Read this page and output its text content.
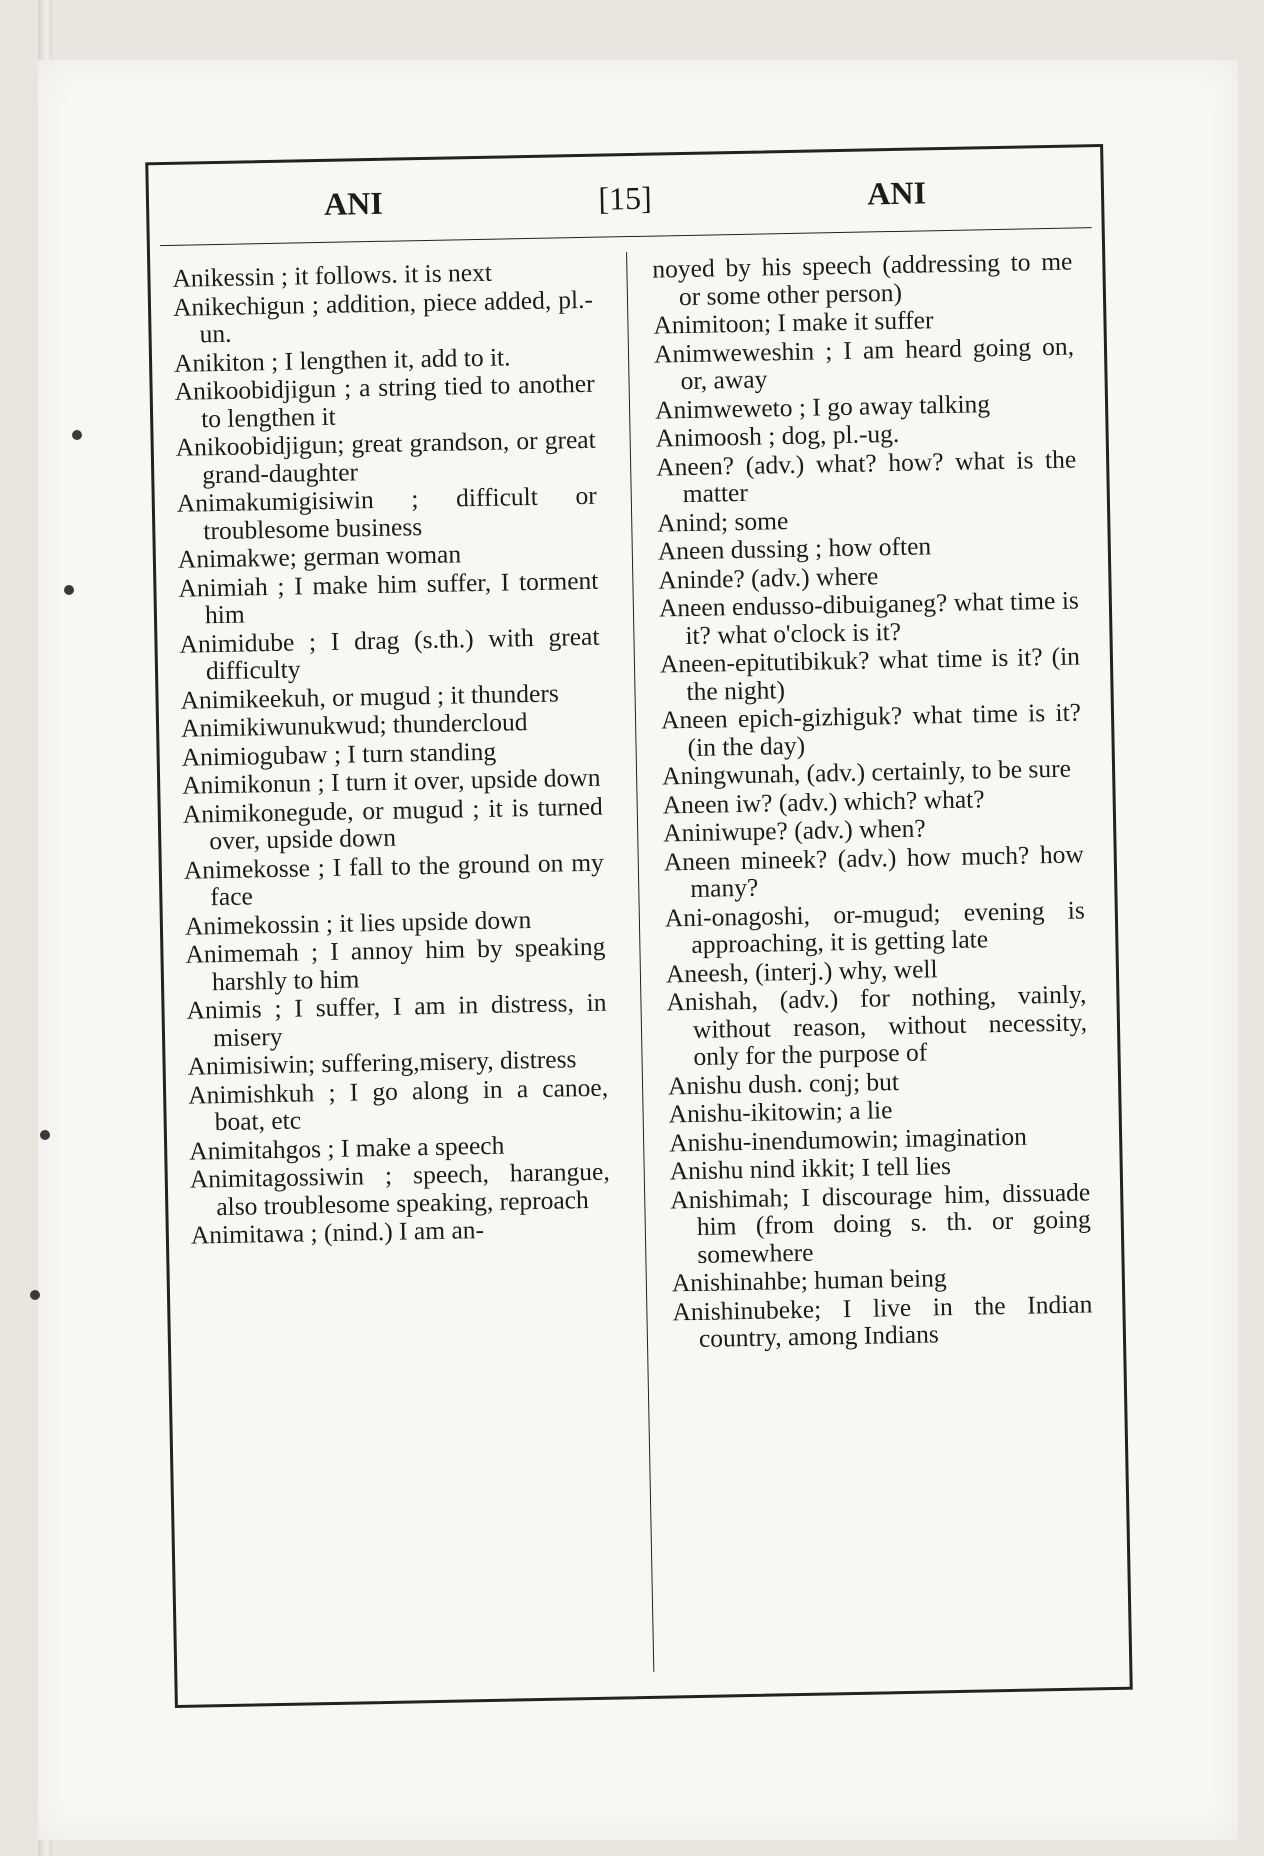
ANI	[15]	ANI
Anikessin ; it follows. it is next
Anikechigun ; addition, piece added, pl.-un.
Anikiton ; I lengthen it, add to it.
Anikoobidjigun ; a string tied to another to lengthen it
Anikoobidjigun; great grandson, or great grand-daughter
Animakumigisiwin ; difficult or troublesome business
Animakwe; german woman
Animiah ; I make him suffer, I torment him
Animidube ; I drag (s.th.) with great difficulty
Animikeekuh, or mugud ; it thunders
Animikiwunukwud; thundercloud
Animiogubaw ; I turn standing
Animikonun ; I turn it over, upside down
Animikonegude, or mugud ; it is turned over, upside down
Animekosse ; I fall to the ground on my face
Animekossin ; it lies upside down
Animemah ; I annoy him by speaking harshly to him
Animis ; I suffer, I am in distress, in misery
Animisiwin; suffering,misery, distress
Animishkuh ; I go along in a canoe, boat, etc
Animitahgos ; I make a speech
Animitagossiwin ; speech, harangue, also troublesome speaking, reproach
Animitawa ; (nind.) I am an-
noyed by his speech (addressing to me or some other person)
Animitoon; I make it suffer
Animweweshin ; I am heard going on, or, away
Animweweto ; I go away talking
Animoosh ; dog, pl.-ug.
Aneen? (adv.) what? how? what is the matter
Anind; some
Aneen dussing ; how often
Aninde? (adv.) where
Aneen endusso-dibuiganeg? what time is it? what o'clock is it?
Aneen-epitutibikuk? what time is it? (in the night)
Aneen epich-gizhiguk? what time is it? (in the day)
Aningwunah, (adv.) certainly, to be sure
Aneen iw? (adv.) which? what?
Aniniwupe? (adv.) when?
Aneen mineek? (adv.) how much? how many?
Ani-onagoshi, or-mugud; evening is approaching, it is getting late
Aneesh, (interj.) why, well
Anishah, (adv.) for nothing, vainly, without reason, without necessity, only for the purpose of
Anishu dush. conj; but
Anishu-ikitowin; a lie
Anishu-inendumowin; imagination
Anishu nind ikkit; I tell lies
Anishimah; I discourage him, dissuade him (from doing s. th. or going somewhere
Anishinahbe; human being
Anishinubeke; I live in the Indian country, among Indians
